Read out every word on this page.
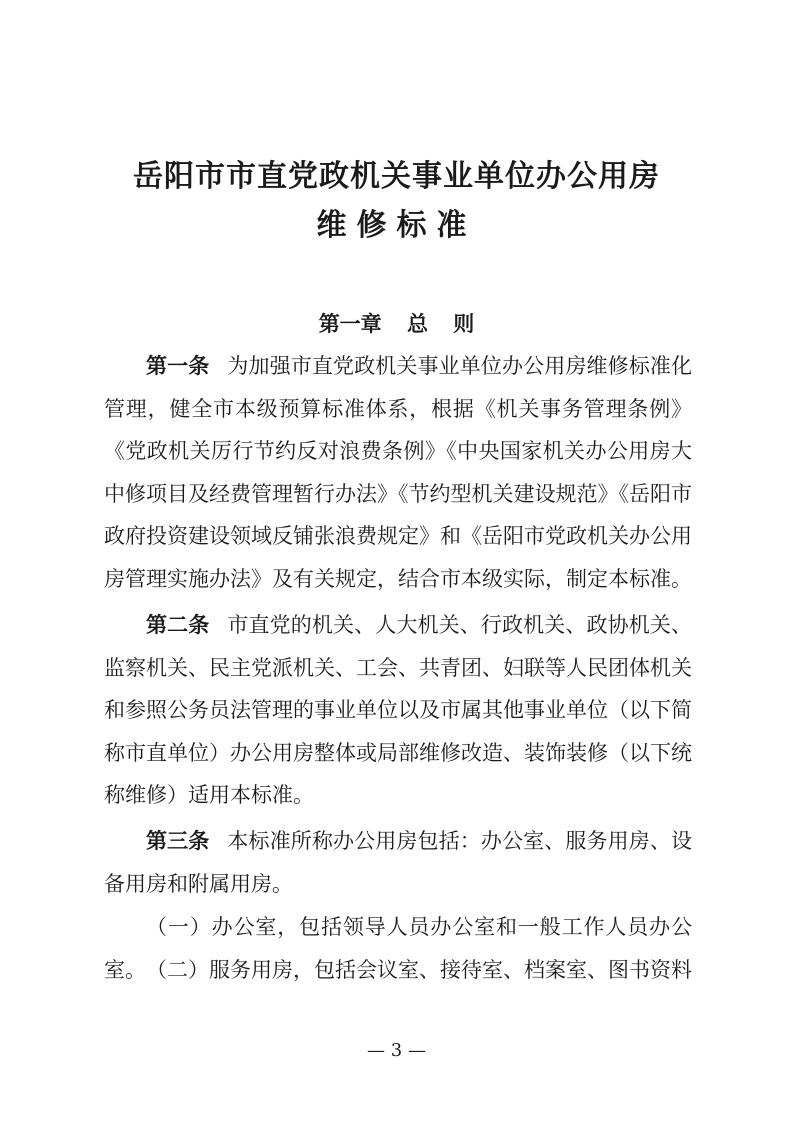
岳阳市市直党政机关事业单位办公用房
维修标准
第一章 总 则

第一条 为加强市直党政机关事业单位办公用房维修标准化管理，健全市本级预算标准体系，根据《机关事务管理条例》《党政机关厉行节约反对浪费条例》《中央国家机关办公用房大中修项目及经费管理暂行办法》《节约型机关建设规范》《岳阳市政府投资建设领域反铺张浪费规定》和《岳阳市党政机关办公用房管理实施办法》及有关规定，结合市本级实际，制定本标准。

第二条 市直党的机关、人大机关、行政机关、政协机关、监察机关、民主党派机关、工会、共青团、妇联等人民团体机关和参照公务员法管理的事业单位以及市属其他事业单位（以下简称市直单位）办公用房整体或局部维修改造、装饰装修（以下统称维修）适用本标准。

第三条 本标准所称办公用房包括：办公室、服务用房、设备用房和附属用房。

（一）办公室，包括领导人员办公室和一般工作人员办公室。 （二）服务用房，包括会议室、接待室、档案室、图书资料

— 3 —
